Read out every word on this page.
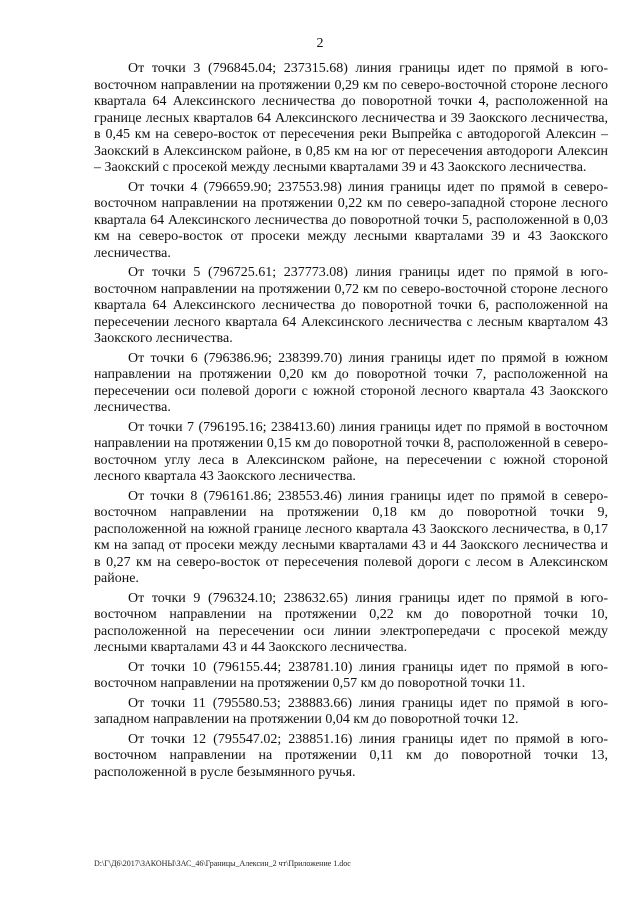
2

От точки 3 (796845.04; 237315.68) линия границы идет по прямой в юго-восточном направлении на протяжении 0,29 км по северо-восточной стороне лесного квартала 64 Алексинского лесничества до поворотной точки 4, расположенной на границе лесных кварталов 64 Алексинского лесничества и 39 Заокского лесничества, в 0,45 км на северо-восток от пересечения реки Выпрейка с автодорогой Алексин – Заокский в Алексинском районе, в 0,85 км на юг от пересечения автодороги Алексин – Заокский с просекой между лесными кварталами 39 и 43 Заокского лесничества.

От точки 4 (796659.90; 237553.98) линия границы идет по прямой в северо-восточном направлении на протяжении 0,22 км по северо-западной стороне лесного квартала 64 Алексинского лесничества до поворотной точки 5, расположенной в 0,03 км на северо-восток от просеки между лесными кварталами 39 и 43 Заокского лесничества.

От точки 5 (796725.61; 237773.08) линия границы идет по прямой в юго-восточном направлении на протяжении 0,72 км по северо-восточной стороне лесного квартала 64 Алексинского лесничества до поворотной точки 6, расположенной на пересечении лесного квартала 64 Алексинского лесничества с лесным кварталом 43 Заокского лесничества.

От точки 6 (796386.96; 238399.70) линия границы идет по прямой в южном направлении на протяжении 0,20 км до поворотной точки 7, расположенной на пересечении оси полевой дороги с южной стороной лесного квартала 43 Заокского лесничества.

От точки 7 (796195.16; 238413.60) линия границы идет по прямой в восточном направлении на протяжении 0,15 км до поворотной точки 8, расположенной в северо-восточном углу леса в Алексинском районе, на пересечении с южной стороной лесного квартала 43 Заокского лесничества.

От точки 8 (796161.86; 238553.46) линия границы идет по прямой в северо-восточном направлении на протяжении 0,18 км до поворотной точки 9, расположенной на южной границе лесного квартала 43 Заокского лесничества, в 0,17 км на запад от просеки между лесными кварталами 43 и 44 Заокского лесничества и в 0,27 км на северо-восток от пересечения полевой дороги с лесом в Алексинском районе.

От точки 9 (796324.10; 238632.65) линия границы идет по прямой в юго-восточном направлении на протяжении 0,22 км до поворотной точки 10, расположенной на пересечении оси линии электропередачи с просекой между лесными кварталами 43 и 44 Заокского лесничества.

От точки 10 (796155.44; 238781.10) линия границы идет по прямой в юго-восточном направлении на протяжении 0,57 км до поворотной точки 11.

От точки 11 (795580.53; 238883.66) линия границы идет по прямой в юго-западном направлении на протяжении 0,04 км до поворотной точки 12.

От точки 12 (795547.02; 238851.16) линия границы идет по прямой в юго-восточном направлении на протяжении 0,11 км до поворотной точки 13, расположенной в русле безымянного ручья.

D:\Г\Д6\2017\ЗАКОНЫ\ЗАС_46\Границы_Алексин_2 чт\Приложение 1.doc
